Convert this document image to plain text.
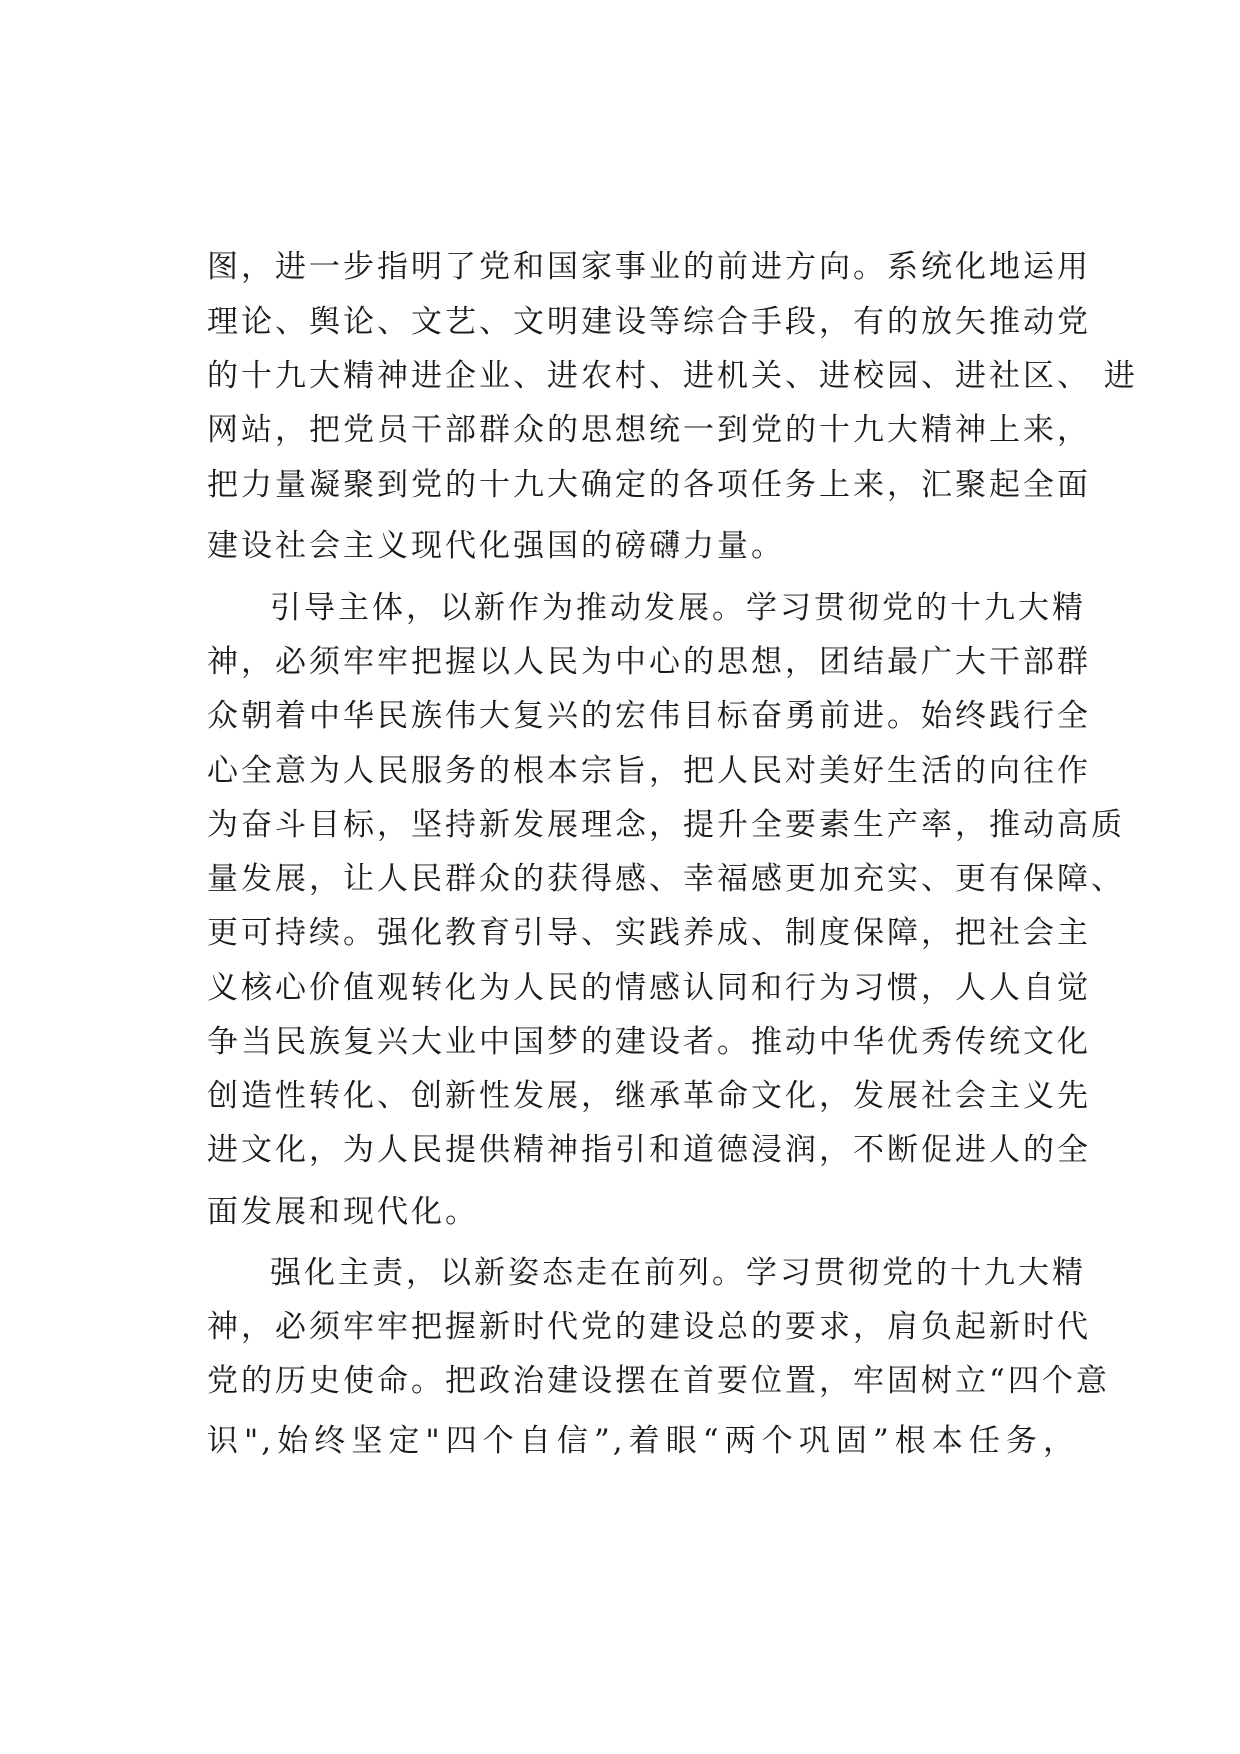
图，进一步指明了党和国家事业的前进方向。系统化地运用
理论、舆论、文艺、文明建设等综合手段，有的放矢推动党
的十九大精神进企业、进农村、进机关、进校园、进社区、 进
网站，把党员干部群众的思想统一到党的十九大精神上来，
把力量凝聚到党的十九大确定的各项任务上来，汇聚起全面
建设社会主义现代化强国的磅礴力量。
引导主体，以新作为推动发展。学习贯彻党的十九大精
神，必须牢牢把握以人民为中心的思想，团结最广大干部群
众朝着中华民族伟大复兴的宏伟目标奋勇前进。始终践行全
心全意为人民服务的根本宗旨，把人民对美好生活的向往作
为奋斗目标，坚持新发展理念，提升全要素生产率，推动高质
量发展，让人民群众的获得感、幸福感更加充实、更有保障、
更可持续。强化教育引导、实践养成、制度保障，把社会主
义核心价值观转化为人民的情感认同和行为习惯，人人自觉
争当民族复兴大业中国梦的建设者。推动中华优秀传统文化
创造性转化、创新性发展，继承革命文化，发展社会主义先
进文化，为人民提供精神指引和道德浸润，不断促进人的全
面发展和现代化。
强化主责，以新姿态走在前列。学习贯彻党的十九大精
神，必须牢牢把握新时代党的建设总的要求，肩负起新时代
党的历史使命。把政治建设摆在首要位置，牢固树立“四个意
识",始终坚定"四个自信”,着眼“两个巩固”根本任务，
